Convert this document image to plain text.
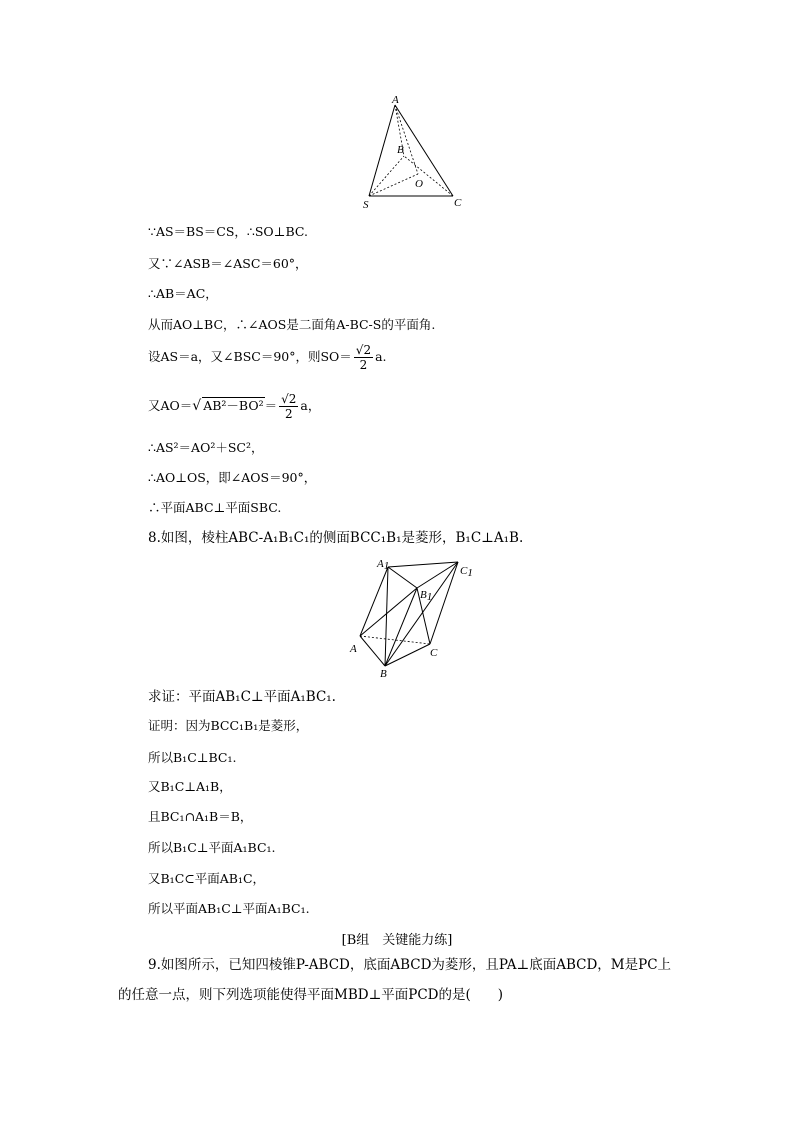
A
B
O
S	C
∵AS＝BS＝CS，∴SO⊥BC.
又∵∠ASB＝∠ASC＝60°，
∴AB＝AC，
从而AO⊥BC，∴∠AOS是二面角A-BC-S的平面角.
设AS＝a，又∠BSC＝90°，则$SO= \frac{√2}{2} a$.
又AO＝√ $AB^2-BO^2= \frac{√2}{2}$ a，
∴AS²＝AO²＋SC²，
∴AO⊥OS，即∠AOS＝90°，
∴平面ABC⊥平面SBC.
8.如图，棱柱ABC-A₁B₁C₁的侧面BCC₁B₁是菱形，B₁C⊥A₁B.
A1	C1
B1
A	C
B
求证：平面AB₁C⊥平面A₁BC₁.
证明：因为BCC₁B₁是菱形，
所以B₁C⊥BC₁.
又B₁C⊥A₁B，
且BC₁∩A₁B＝B，
所以B₁C⊥平面A₁BC₁.
又B₁C⊂平面AB₁C，
所以平面AB₁C⊥平面A₁BC₁.
[B组　关键能力练]
9.如图所示，已知四棱锥P-ABCD，底面ABCD为菱形，且PA⊥底面ABCD，M是PC上的任意一点，则下列选项能使得平面MBD⊥平面PCD的是(　　)
